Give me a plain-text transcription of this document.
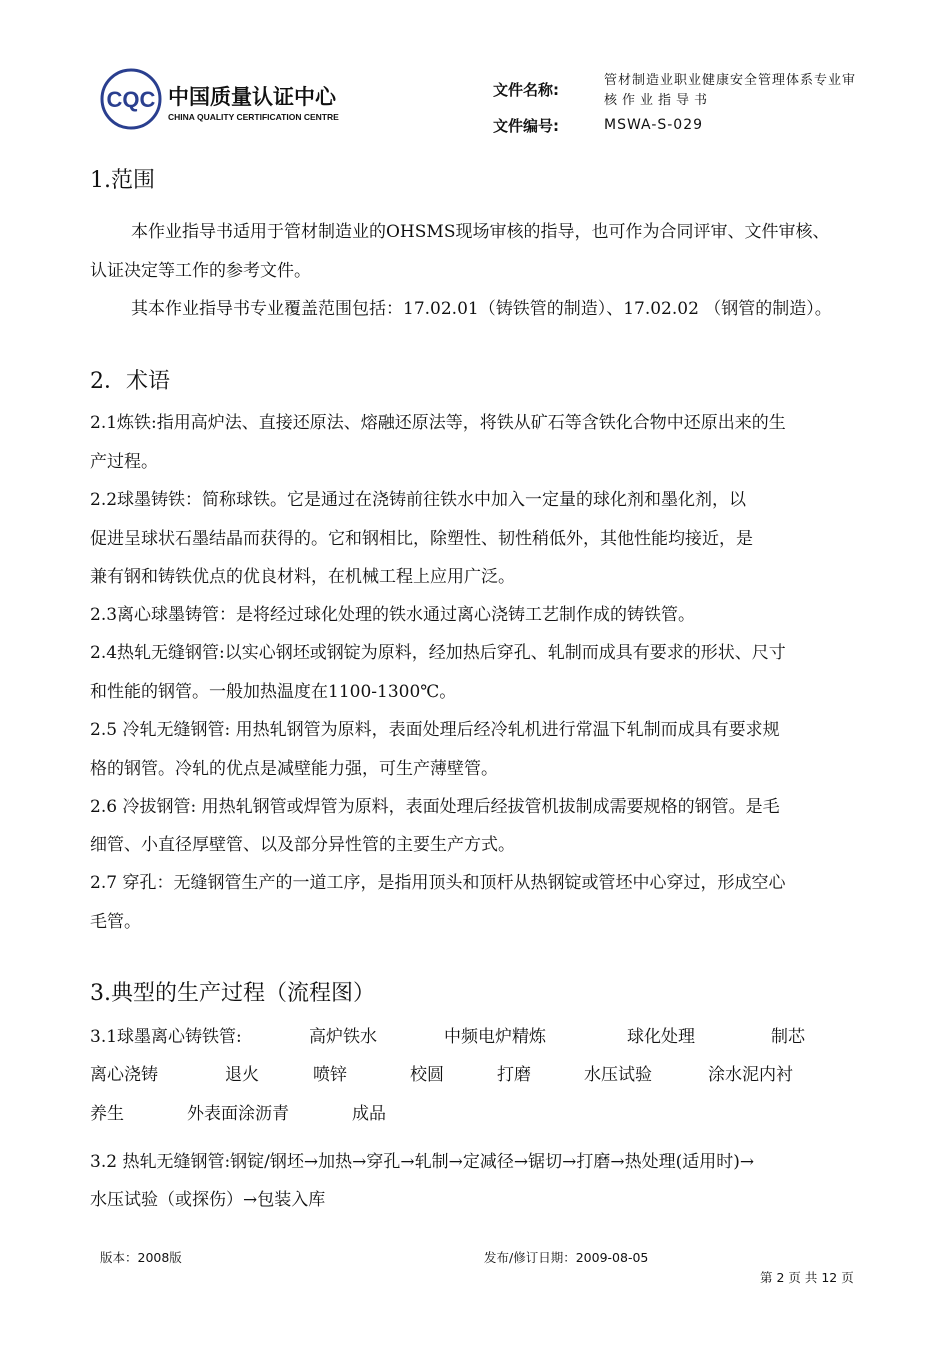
CQC 中国质量认证中心
CHINA QUALITY CERTIFICATION CENTRE
文件名称:
管材制造业职业健康安全管理体系专业审
核作业指导书
文件编号:	MSWA-S-029
1.范围
本作业指导书适用于管材制造业的OHSMS现场审核的指导，也可作为合同评审、文件审核、
认证决定等工作的参考文件。
其本作业指导书专业覆盖范围包括：17.02.01（铸铁管的制造）、17.02.02 （钢管的制造）。
2．术语
2.1炼铁:指用高炉法、直接还原法、熔融还原法等，将铁从矿石等含铁化合物中还原出来的生
产过程。
2.2球墨铸铁：简称球铁。它是通过在浇铸前往铁水中加入一定量的球化剂和墨化剂，以
促进呈球状石墨结晶而获得的。它和钢相比，除塑性、韧性稍低外，其他性能均接近，是
兼有钢和铸铁优点的优良材料，在机械工程上应用广泛。
2.3离心球墨铸管：是将经过球化处理的铁水通过离心浇铸工艺制作成的铸铁管。
2.4热轧无缝钢管:以实心钢坯或钢锭为原料，经加热后穿孔、轧制而成具有要求的形状、尺寸
和性能的钢管。一般加热温度在1100-1300℃。
2.5 冷轧无缝钢管: 用热轧钢管为原料，表面处理后经冷轧机进行常温下轧制而成具有要求规
格的钢管。冷轧的优点是减壁能力强，可生产薄壁管。
2.6 冷拔钢管: 用热轧钢管或焊管为原料，表面处理后经拔管机拔制成需要规格的钢管。是毛
细管、小直径厚壁管、以及部分异性管的主要生产方式。
2.7 穿孔：无缝钢管生产的一道工序，是指用顶头和顶杆从热钢锭或管坯中心穿过，形成空心
毛管。
3.典型的生产过程（流程图）
3.1球墨离心铸铁管:	高炉铁水	中频电炉精炼	球化处理	制芯
离心浇铸	退火	喷锌	校圆	打磨	水压试验	涂水泥内衬
养生	外表面涂沥青	成品
3.2 热轧无缝钢管:钢锭/钢坯→加热→穿孔→轧制→定减径→锯切→打磨→热处理(适用时)→
水压试验（或探伤）→包装入库
版本：2008版	发布/修订日期：2009-08-05
第 2 页 共 12 页
